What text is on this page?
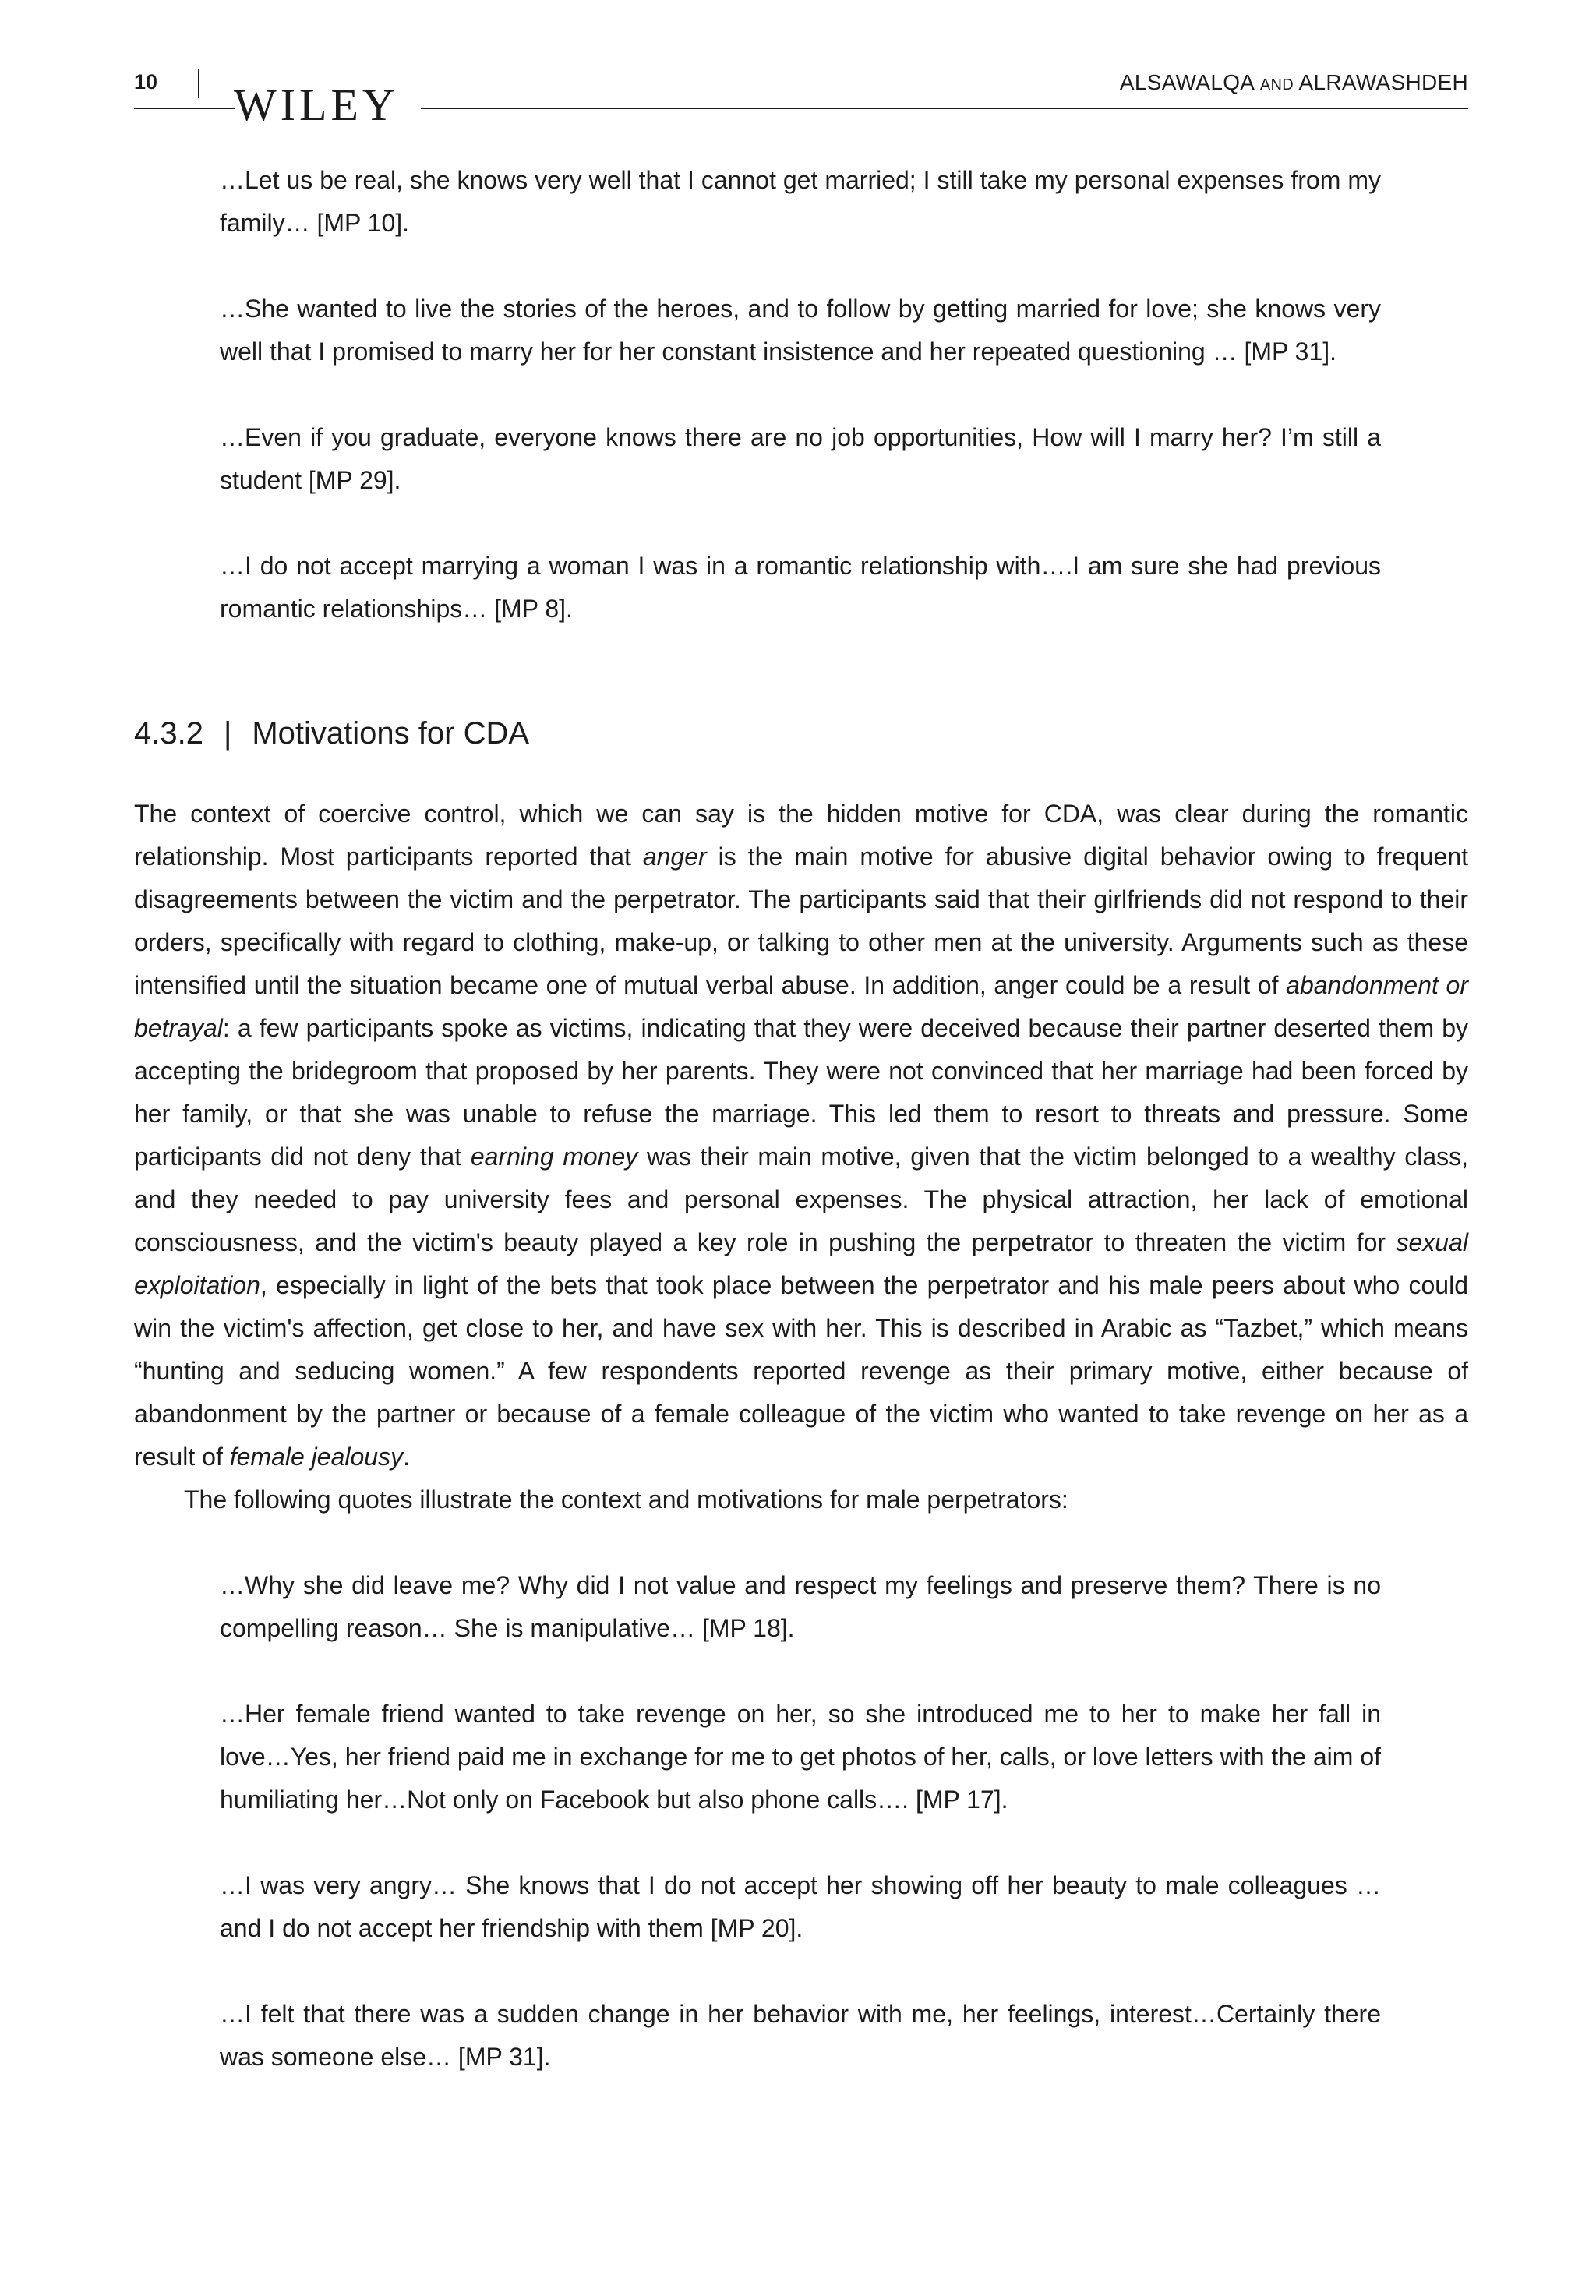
10 WILEY	ALSAWALQA AND ALRAWASHDEH

…Let us be real, she knows very well that I cannot get married; I still take my personal expenses from my family… [MP 10].

…She wanted to live the stories of the heroes, and to follow by getting married for love; she knows very well that I promised to marry her for her constant insistence and her repeated questioning … [MP 31].

…Even if you graduate, everyone knows there are no job opportunities, How will I marry her? I’m still a student [MP 29].

…I do not accept marrying a woman I was in a romantic relationship with….I am sure she had previous romantic relationships… [MP 8].

4.3.2 | Motivations for CDA

The context of coercive control, which we can say is the hidden motive for CDA, was clear during the romantic relationship. Most participants reported that anger is the main motive for abusive digital behavior owing to frequent disagreements between the victim and the perpetrator. The participants said that their girlfriends did not respond to their orders, specifically with regard to clothing, make-up, or talking to other men at the university. Arguments such as these intensified until the situation became one of mutual verbal abuse. In addition, anger could be a result of abandonment or betrayal: a few participants spoke as victims, indicating that they were deceived because their partner deserted them by accepting the bridegroom that proposed by her parents. They were not convinced that her marriage had been forced by her family, or that she was unable to refuse the marriage. This led them to resort to threats and pressure. Some participants did not deny that earning money was their main motive, given that the victim belonged to a wealthy class, and they needed to pay university fees and personal expenses. The physical attraction, her lack of emotional consciousness, and the victim's beauty played a key role in pushing the perpetrator to threaten the victim for sexual exploitation, especially in light of the bets that took place between the perpetrator and his male peers about who could win the victim's affection, get close to her, and have sex with her. This is described in Arabic as “Tazbet,” which means “hunting and seducing women.” A few respondents reported revenge as their primary motive, either because of abandonment by the partner or because of a female colleague of the victim who wanted to take revenge on her as a result of female jealousy.

The following quotes illustrate the context and motivations for male perpetrators:

…Why she did leave me? Why did I not value and respect my feelings and preserve them? There is no compelling reason… She is manipulative… [MP 18].

…Her female friend wanted to take revenge on her, so she introduced me to her to make her fall in love…Yes, her friend paid me in exchange for me to get photos of her, calls, or love letters with the aim of humiliating her…Not only on Facebook but also phone calls…. [MP 17].

…I was very angry… She knows that I do not accept her showing off her beauty to male colleagues … and I do not accept her friendship with them [MP 20].

…I felt that there was a sudden change in her behavior with me, her feelings, interest…Certainly there was someone else… [MP 31].
